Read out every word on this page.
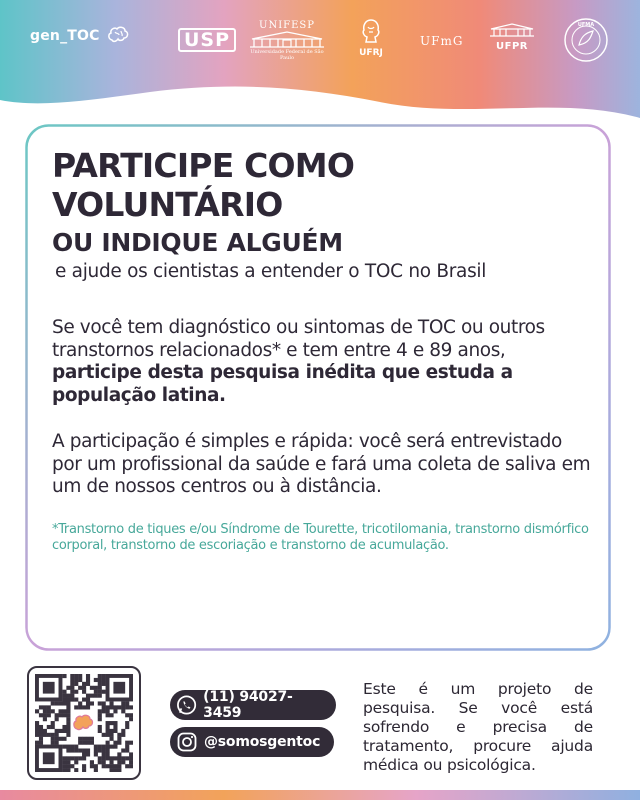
gen_TOC	USP
UNIFESP
Universidade Federal de São Paulo	UFRJ
UFmG	UFPR
UFMA
PARTICIPE COMO
VOLUNTÁRIO
OU INDIQUE ALGUÉM
e ajude os cientistas a entender o TOC no Brasil

Se você tem diagnóstico ou sintomas de TOC ou outros transtornos relacionados* e tem entre 4 e 89 anos, participe desta pesquisa inédita que estuda a população latina.

A participação é simples e rápida: você será entrevistado por um profissional da saúde e fará uma coleta de saliva em um de nossos centros ou à distância.

*Transtorno de tiques e/ou Síndrome de Tourette, tricotilomania, transtorno dismórfico corporal, transtorno de escoriação e transtorno de acumulação.

(11) 94027-3459
@somosgentoc

Este é um projeto de pesquisa. Se você está sofrendo e precisa de tratamento, procure ajuda médica ou psicológica.
